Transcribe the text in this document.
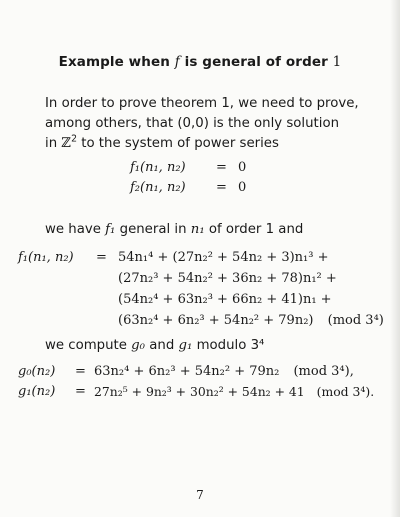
Example when f is general of order 1
In order to prove theorem 1, we need to prove,
among others, that (0,0) is the only solution
in ℤ$^2$ to the system of power series
f₁(n₁, n₂) = 0
f₂(n₁, n₂) = 0
we have f₁ general in n₁ of order 1 and
f₁(n₁, n₂) = 54n₁⁴ + (27n₂² + 54n₂ + 3)n₁³ +
(27n₂³ + 54n₂² + 36n₂ + 78)n₁² +
(54n₂⁴ + 63n₂³ + 66n₂ + 41)n₁ +
(63n₂⁴ + 6n₂³ + 54n₂² + 79n₂) (mod 3⁴)
we compute g₀ and g₁ modulo 3⁴
g₀(n₂) = 63n₂⁴ + 6n₂³ + 54n₂² + 79n₂ (mod 3⁴),
g₁(n₂) = 27n₂⁵ + 9n₂³ + 30n₂² + 54n₂ + 41 (mod 3⁴).
7
